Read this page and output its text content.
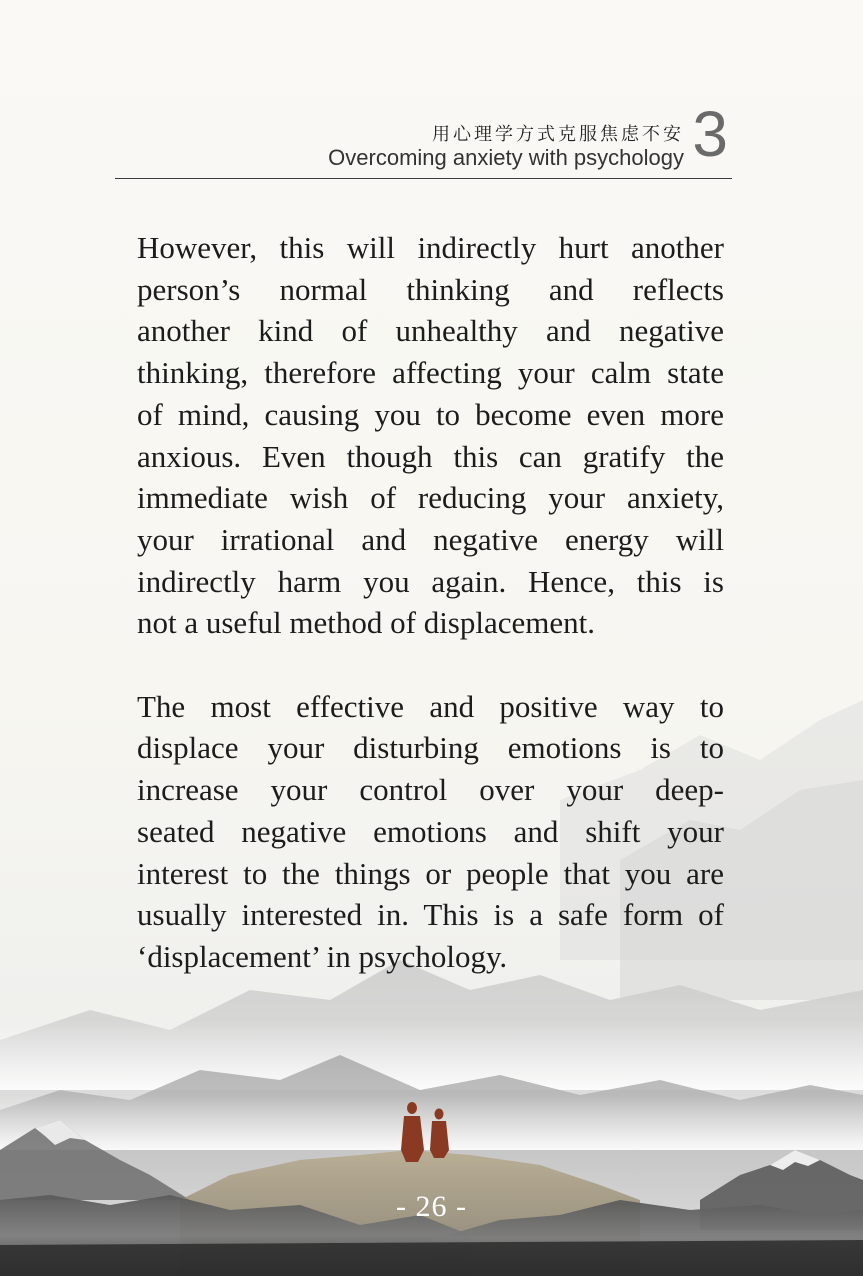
用心理学方式克服焦虑不安
Overcoming anxiety with psychology 3

However, this will indirectly hurt another
person’s normal thinking and reflects
another kind of unhealthy and negative
thinking, therefore affecting your calm state
of mind, causing you to become even more
anxious. Even though this can gratify the
immediate wish of reducing your anxiety,
your irrational and negative energy will
indirectly harm you again. Hence, this is
not a useful method of displacement.

The most effective and positive way to
displace your disturbing emotions is to
increase your control over your deep-
seated negative emotions and shift your
interest to the things or people that you are
usually interested in. This is a safe form of
‘displacement’ in psychology.

- 26 -
